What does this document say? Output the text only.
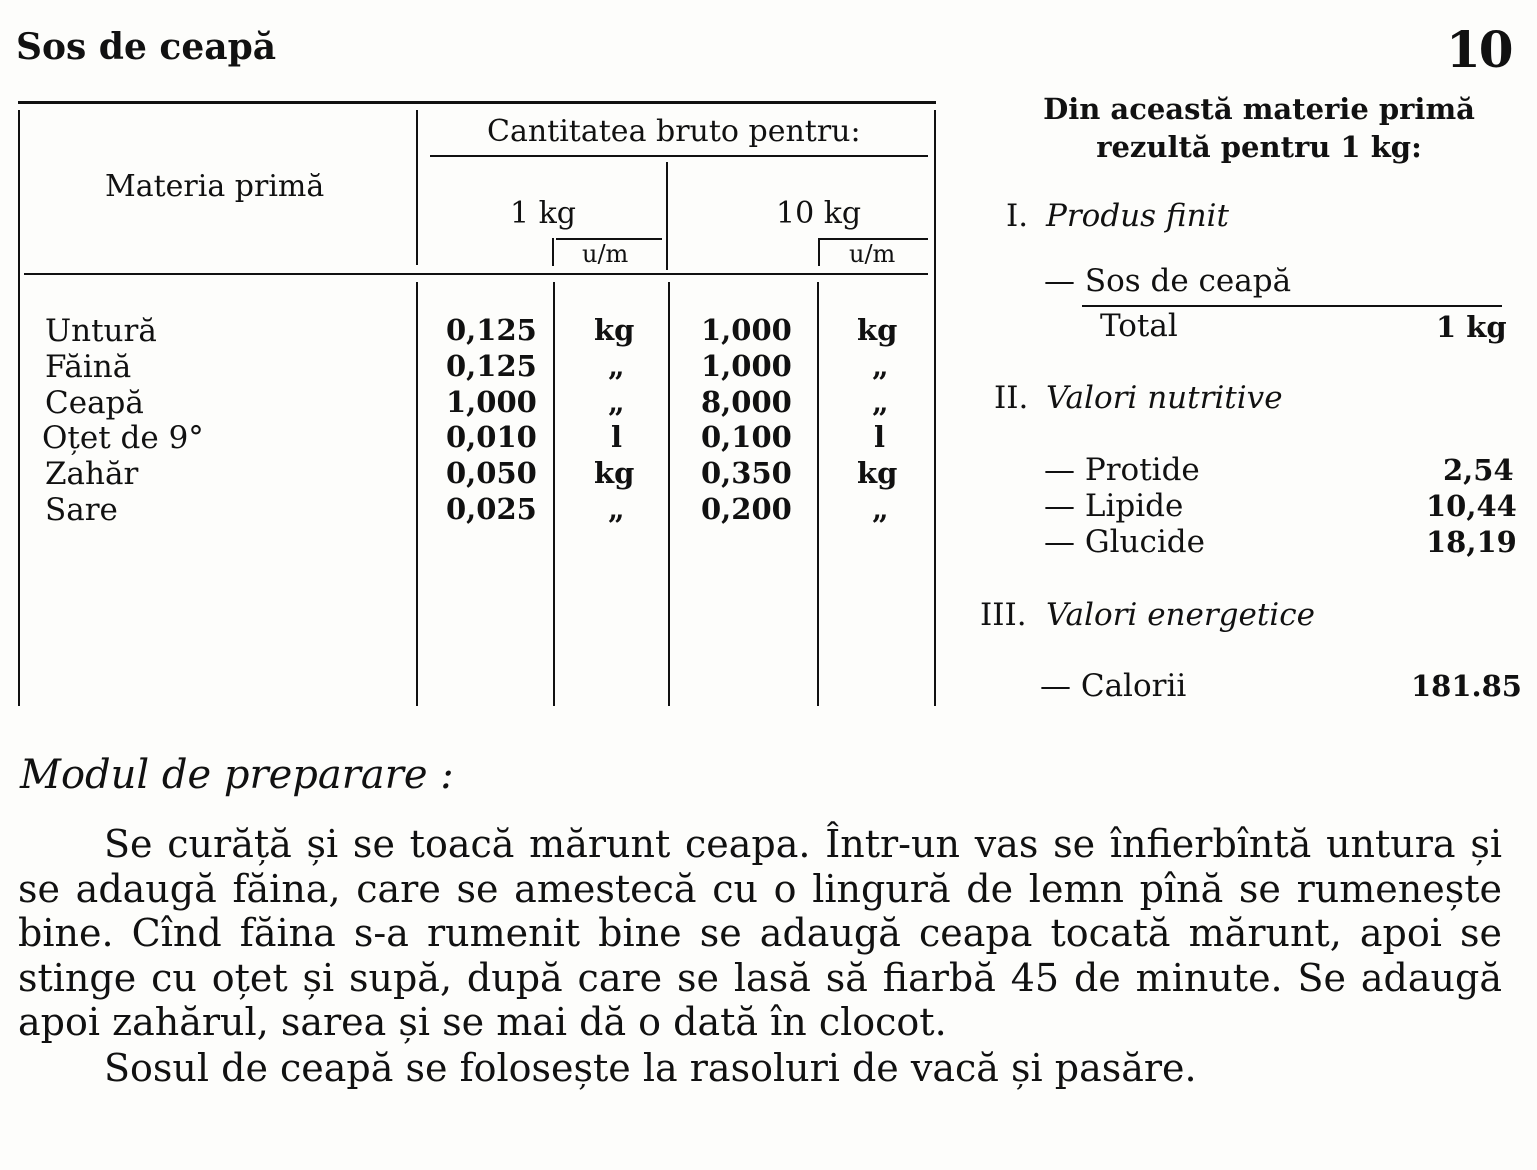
Sos de ceapă	10
Materia primă
Cantitatea bruto pentru:
1 kg	10 kg
u/m	u/m
Untură	0,125 kg 1,000 kg
Făină	0,125 „	1,000	„
Ceapă	1,000 „	8,000	„
Oțet de 9°	0,010	l	0,100	l
Zahăr	0,050 kg 0,350 kg
Sare	0,025 „	0,200	„
Din această materie primă rezultă pentru 1 kg:
I. Produs finit
— Sos de ceapă
Total	1 kg
II. Valori nutritive
— Protide	2,54
— Lipide	10,44
— Glucide	18,19
III. Valori energetice
— Calorii	181.85
Modul de preparare :
Se curăță și se toacă mărunt ceapa. Într-un vas se înfierbîntă untura și se adaugă făina, care se amestecă cu o lingură de lemn pînă se rumenește bine. Cînd făina s-a rumenit bine se adaugă ceapa tocată mărunt, apoi se stinge cu oțet și supă, după care se lasă să fiarbă 45 de minute. Se adaugă apoi zahărul, sarea și se mai dă o dată în clocot.
Sosul de ceapă se folosește la rasoluri de vacă și pasăre.
